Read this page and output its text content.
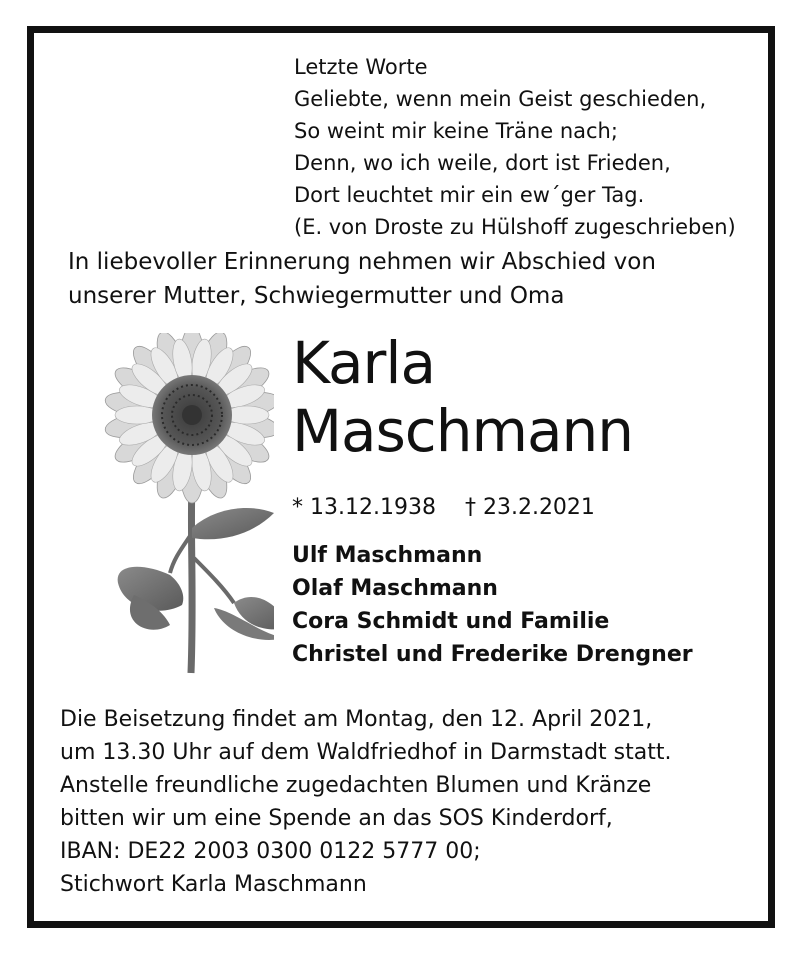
Letzte Worte
Geliebte, wenn mein Geist geschieden,
So weint mir keine Träne nach;
Denn, wo ich weile, dort ist Frieden,
Dort leuchtet mir ein ew´ger Tag.
(E. von Droste zu Hülshoff zugeschrieben)
In liebevoller Erinnerung nehmen wir Abschied von
unserer Mutter, Schwiegermutter und Oma
Karla
Maschmann
* 13.12.1938 † 23.2.2021
Ulf Maschmann
Olaf Maschmann
Cora Schmidt und Familie
Christel und Frederike Drengner
Die Beisetzung findet am Montag, den 12. April 2021,
um 13.30 Uhr auf dem Waldfriedhof in Darmstadt statt.
Anstelle freundliche zugedachten Blumen und Kränze
bitten wir um eine Spende an das SOS Kinderdorf,
IBAN: DE22 2003 0300 0122 5777 00;
Stichwort Karla Maschmann
